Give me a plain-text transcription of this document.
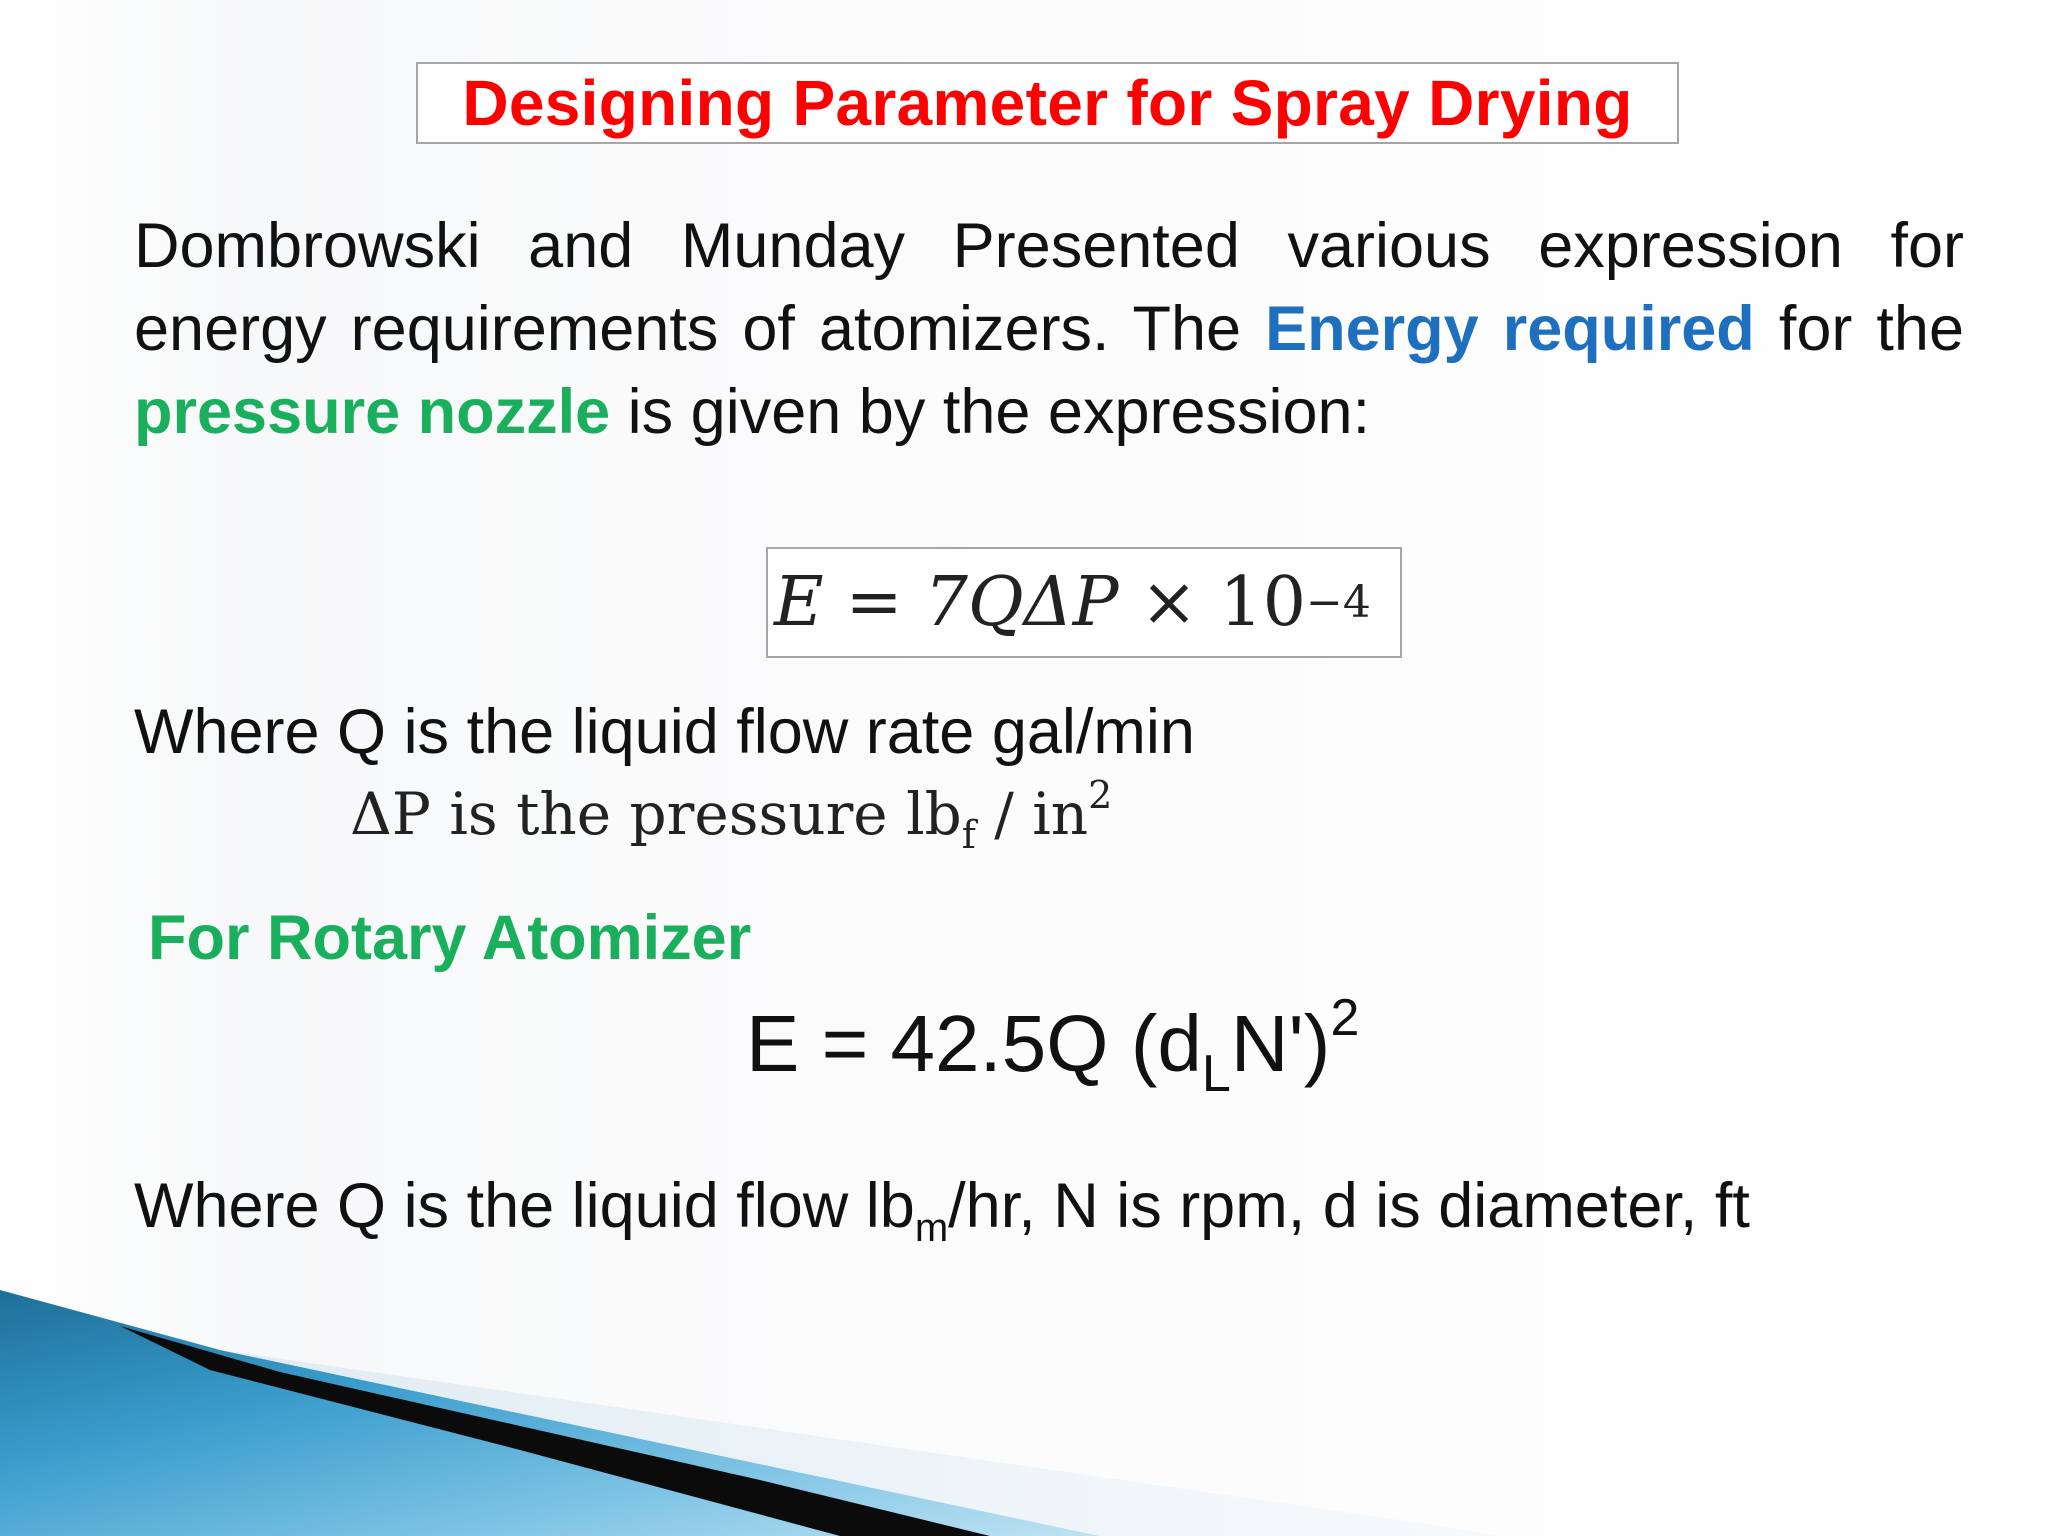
Designing Parameter for Spray Drying
Dombrowski and Munday Presented various expression for energy requirements of atomizers. The Energy required for the pressure nozzle is given by the expression:
E = 7QΔP × 10 −4
Where Q is the liquid flow rate gal/min
ΔP is the pressure $lb_f / in^2$
For Rotary Atomizer
E = 42.5Q $(d_LN')^2$
Where Q is the liquid flow $lb_m/hr$, N is rpm, d is diameter, ft
